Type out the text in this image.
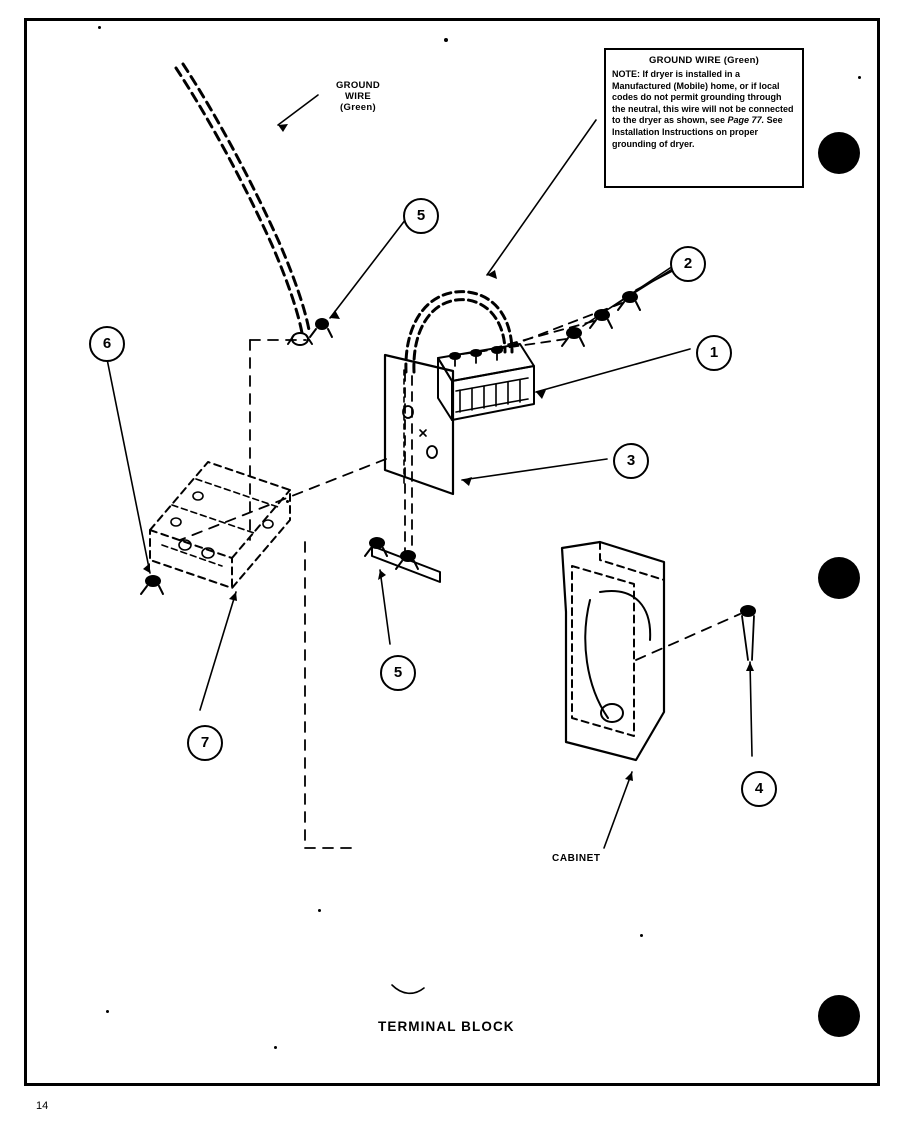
1
2
3
4
5
5
6
7
GROUND
WIRE
(Green)
GROUND WIRE (Green)
NOTE: If dryer is installed in a Manufactured (Mobile) home, or if local codes do not permit grounding through the neutral, this wire will not be connected to the dryer as shown, see Page 77. See Installation Instructions on proper grounding of dryer.
CABINET
TERMINAL BLOCK
14
